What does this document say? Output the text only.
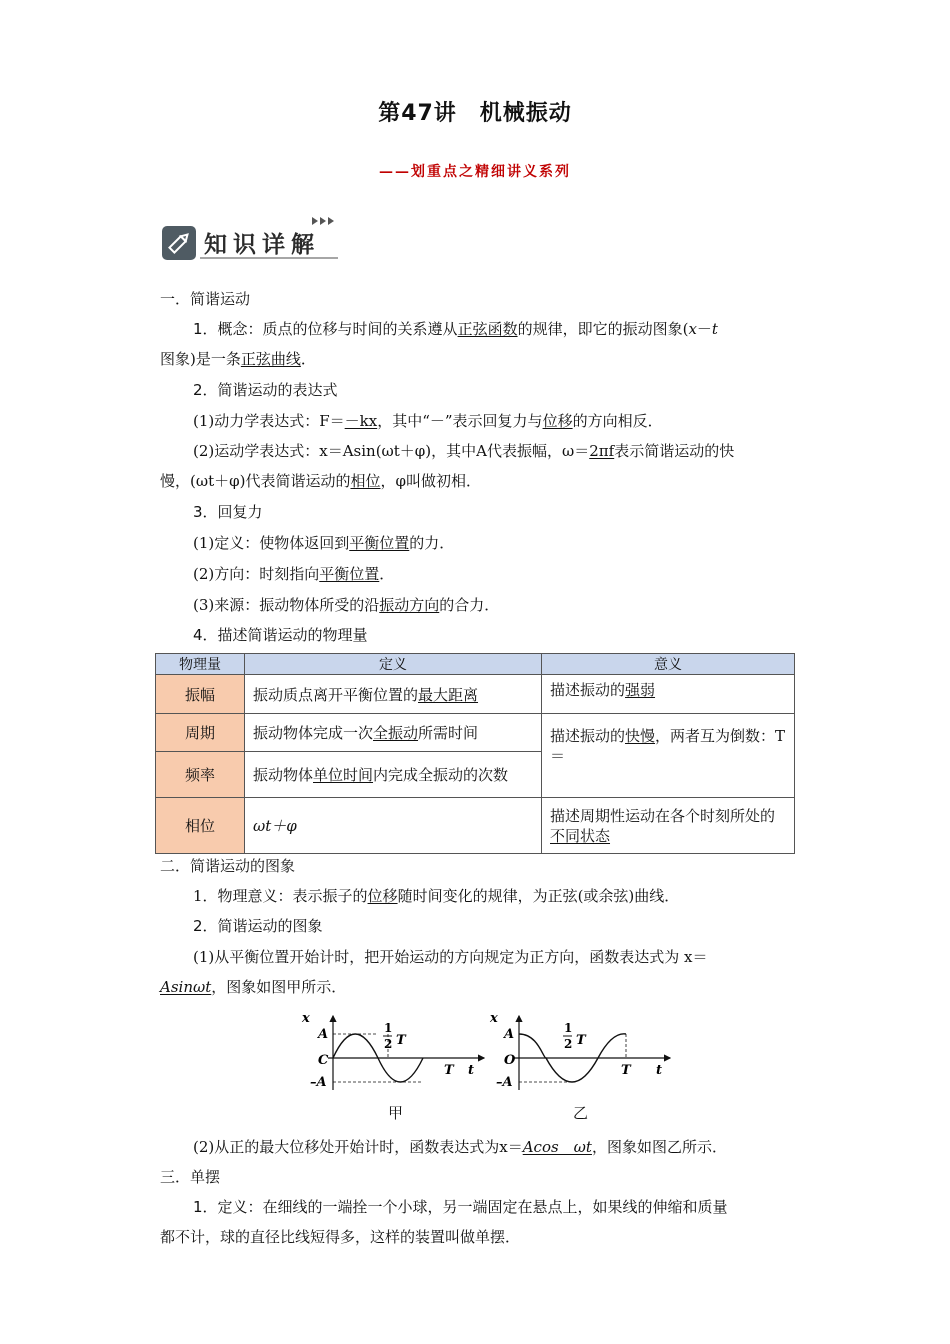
第47讲　机械振动
——划重点之精细讲义系列
知识详解
一．简谐运动
1．概念：质点的位移与时间的关系遵从正弦函数的规律，即它的振动图象(x－t
图象)是一条正弦曲线．
2．简谐运动的表达式
(1)动力学表达式：F＝－kx，其中“－”表示回复力与位移的方向相反．
(2)运动学表达式：x＝Asin(ωt＋φ)，其中A代表振幅，ω＝2πf表示简谐运动的快
慢，(ωt＋φ)代表简谐运动的相位，φ叫做初相．
3．回复力
(1)定义：使物体返回到平衡位置的力．
(2)方向：时刻指向平衡位置．
(3)来源：振动物体所受的沿振动方向的合力．
4．描述简谐运动的物理量
物理量	定义	意义
振幅	振动质点离开平衡位置的最大距离	描述振动的强弱
周期	振动物体完成一次全振动所需时间	描述振动的快慢，两者互为倒数：T＝
频率	振动物体单位时间内完成全振动的次数	
相位	ωt＋φ	描述周期性运动在各个时刻所处的不同状态
二．简谐运动的图象
1．物理意义：表示振子的位移随时间变化的规律，为正弦(或余弦)曲线．
2．简谐运动的图象
(1)从平衡位置开始计时，把开始运动的方向规定为正方向，函数表达式为 x＝
Asinωt，图象如图甲所示．
x
A
C
–A
1
2 T
T t
甲
x
A
O
–A
1
2 T
T t
乙
(2)从正的最大位移处开始计时，函数表达式为x＝Acos　ωt，图象如图乙所示．
三．单摆
1．定义：在细线的一端拴一个小球，另一端固定在悬点上，如果线的伸缩和质量
都不计，球的直径比线短得多，这样的装置叫做单摆．
